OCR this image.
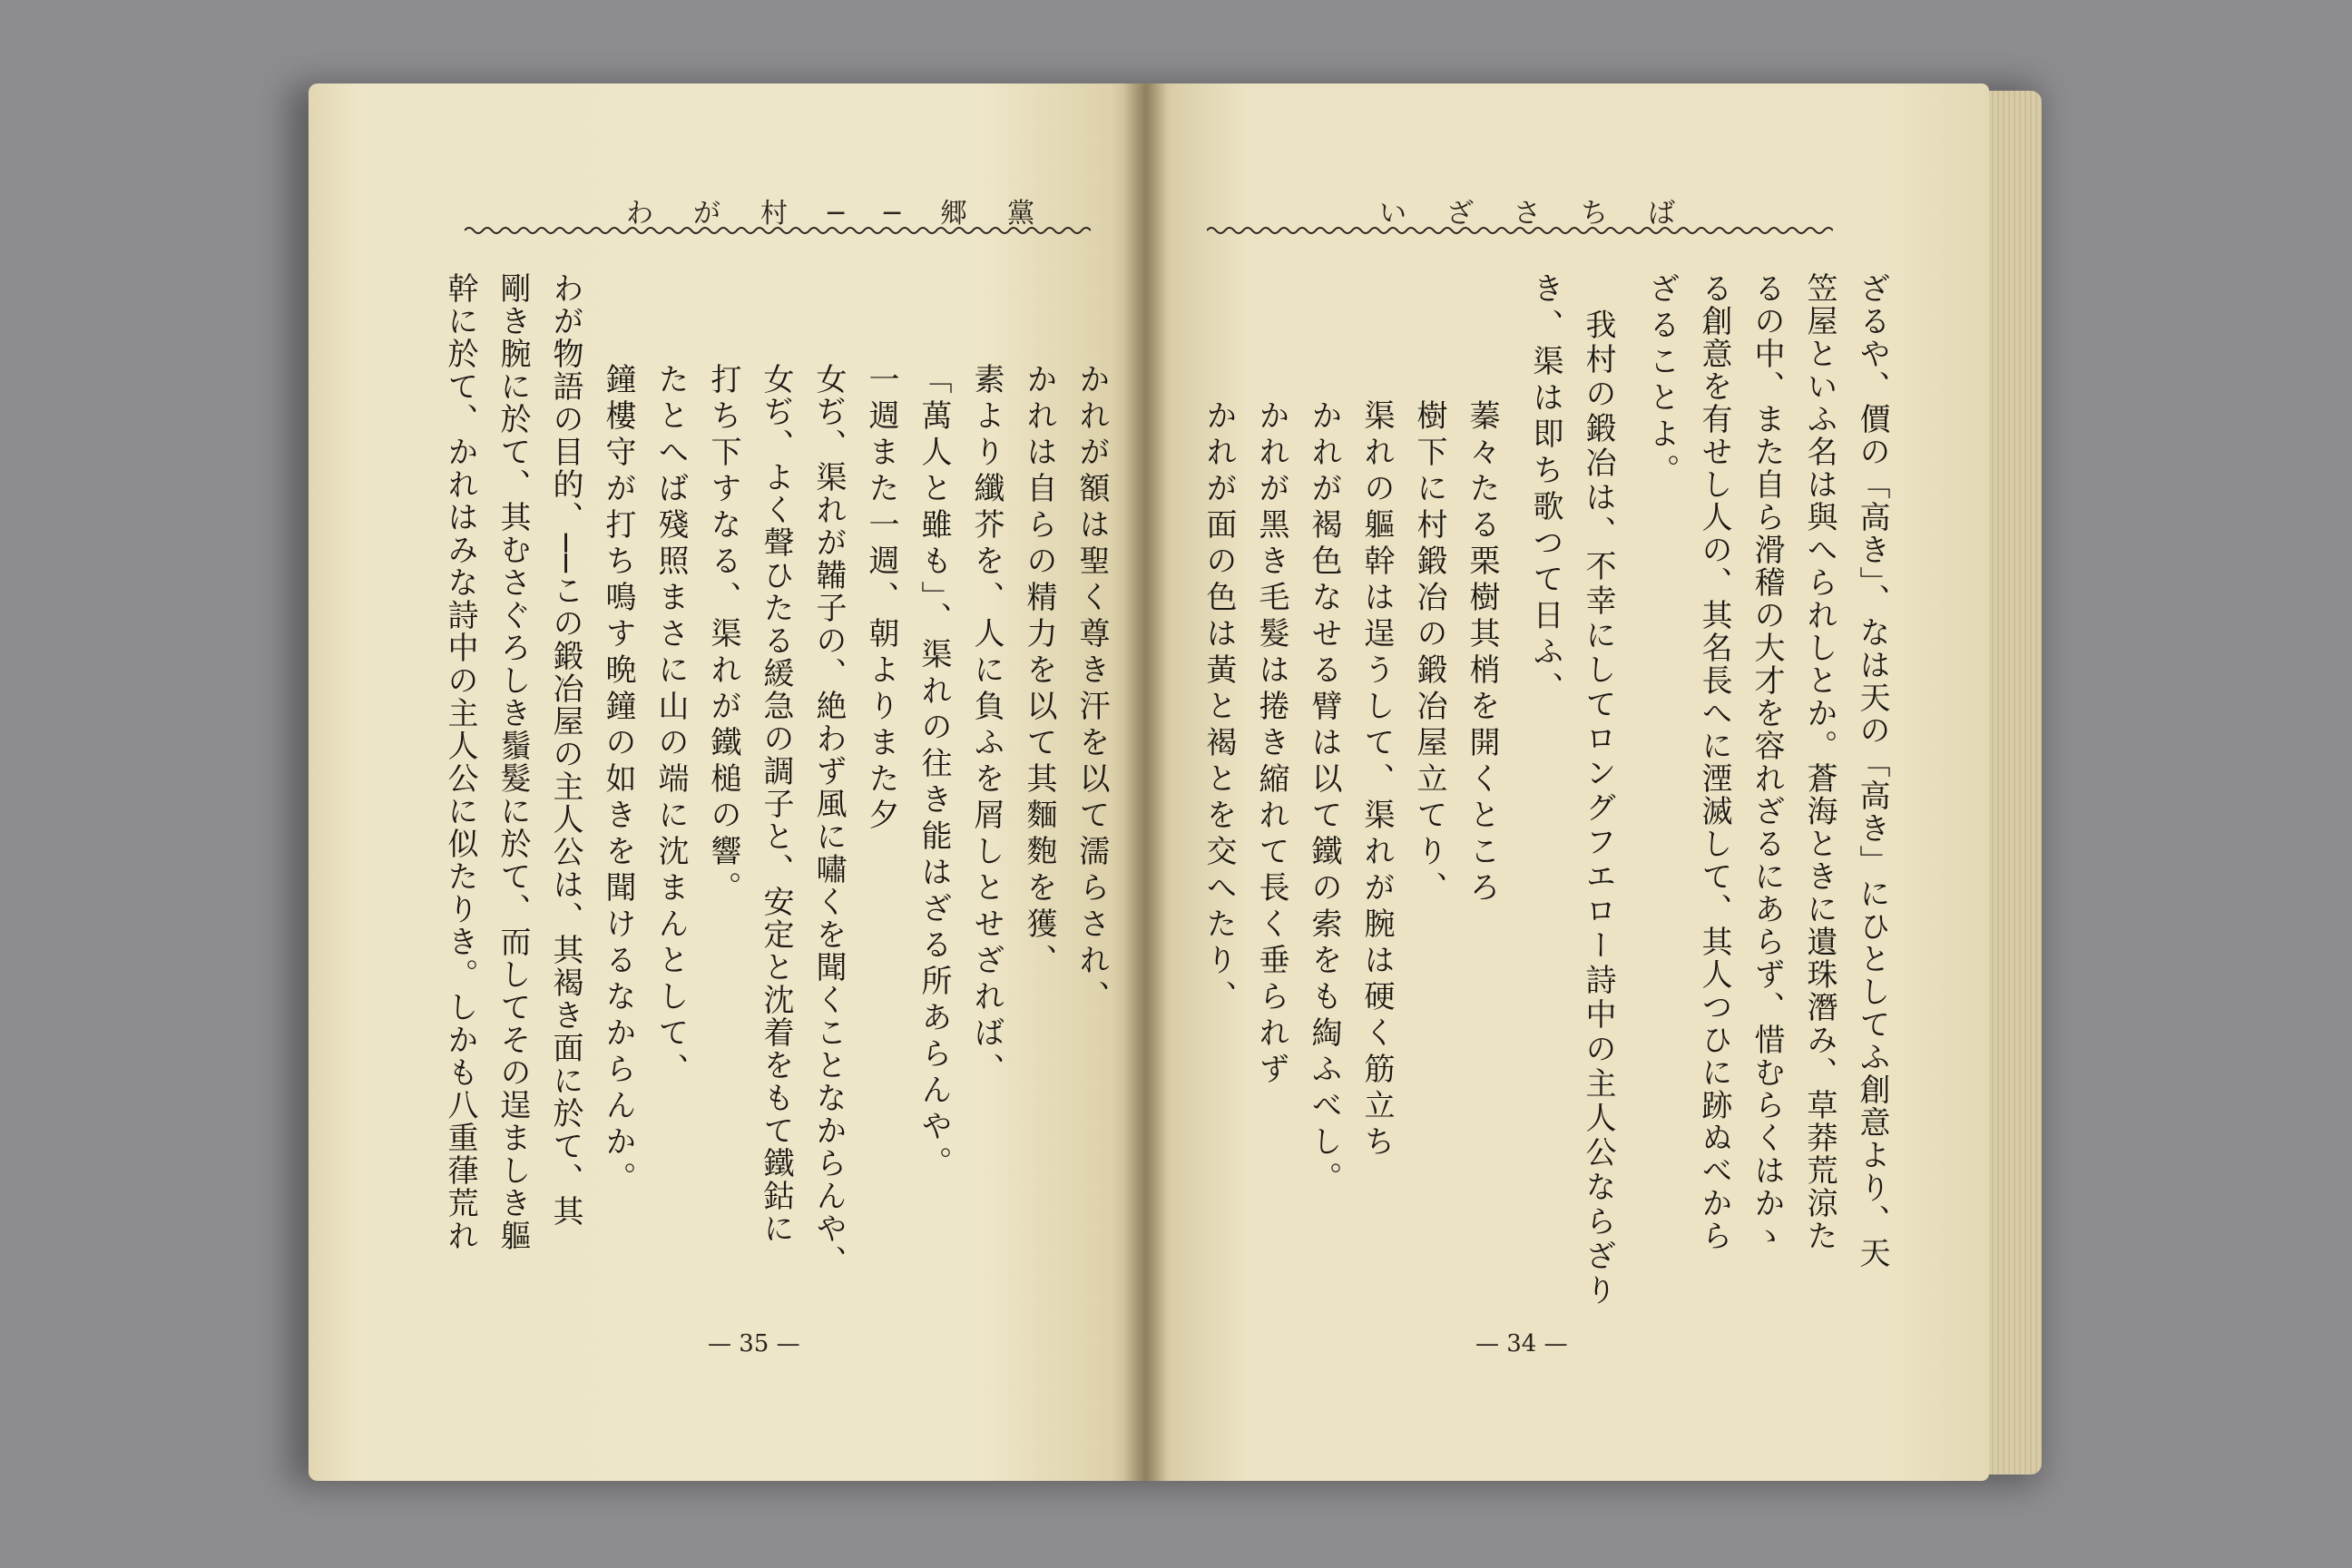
わが村──郷黨	いざさちば
かれが額は聖く尊き汗を以て濡らされ、
かれは自らの精力を以て其麵麭を獲、
素より纖芥を、人に負ふを屑しとせざれば、
「萬人と雖も」、渠れの往き能はざる所あらんや。
一週また一週、朝よりまた夕
女ぢ、渠れが韛子の、絶わず風に嘯くを聞くことなからんや、
女ぢ、よく聲ひたる緩急の調子と、安定と沈着をもて鐵鈷に
打ち下すなる、渠れが鐵槌の響。
たとへば殘照まさに山の端に沈まんとして、
鐘樓守が打ち鳴す晩鐘の如きを聞けるなからんか。
わが物語の目的、──この鍛冶屋の主人公は、其褐き面に於て、其
剛き腕に於て、其むさぐろしき鬚髮に於て、而してその逞ましき軀
幹に於て、かれはみな詩中の主人公に似たりき。しかも八重葎荒れ	ざるや、價の「高き」、なは天の「高き」にひとしてふ創意より、天
笠屋といふ名は與へられしとか。蒼海ときに遺珠潛み、草莽荒涼た
るの中、また自ら滑稽の大才を容れざるにあらず、惜むらくはかゝ
る創意を有せし人の、其名長へに湮滅して、其人つひに跡ぬべから
ざることよ。
我村の鍛冶は、不幸にしてロングフエロー詩中の主人公ならざり
き、渠は即ち歌つて日ふ、
蓁々たる栗樹其梢を開くところ
樹下に村鍛冶の鍛冶屋立てり、
渠れの軀幹は逞うして、渠れが腕は硬く筋立ち
かれが褐色なせる臂は以て鐵の索をも綯ふべし。
かれが黑き毛髮は捲き縮れて長く垂られず
かれが面の色は黃と褐とを交へたり、
— 35 —	— 34 —
